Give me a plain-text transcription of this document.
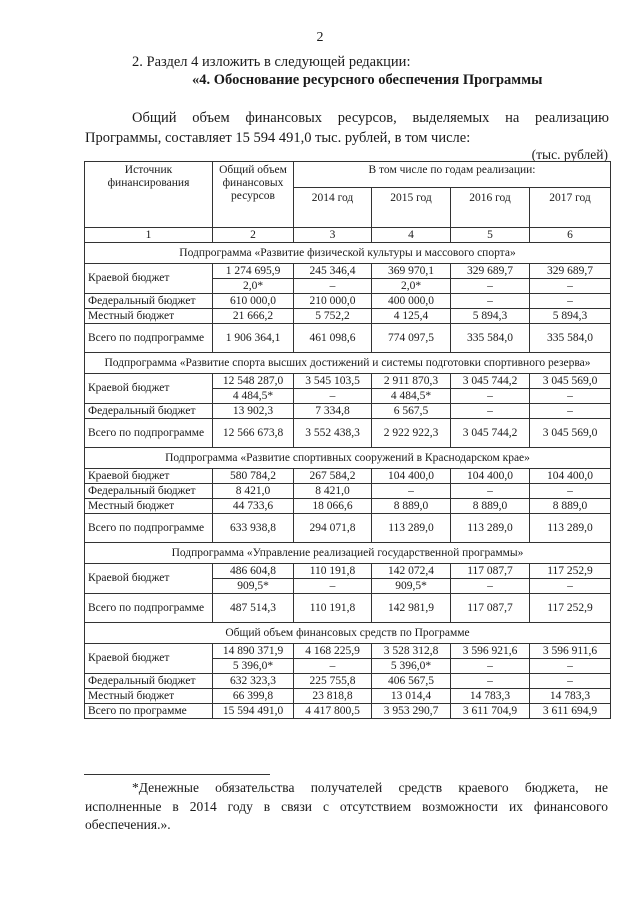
2
2. Раздел 4 изложить в следующей редакции:
«4. Обоснование ресурсного обеспечения Программы
Общий объем финансовых ресурсов, выделяемых на реализацию Программы, составляет 15 594 491,0 тыс. рублей, в том числе:
(тыс. рублей)
Источник финансирования	Общий объем финансовых ресурсов	В том числе по годам реализации:			
		2014 год	2015 год	2016 год	2017 год
1	2	3	4	5	6
Подпрограмма «Развитие физической культуры и массового спорта»					
Краевой бюджет	1 274 695,9	245 346,4	369 970,1	329 689,7	329 689,7
	2,0*	–	2,0*	–	–
Федеральный бюджет	610 000,0	210 000,0	400 000,0	–	–
Местный бюджет	21 666,2	5 752,2	4 125,4	5 894,3	5 894,3
Всего по подпрограмме	1 906 364,1	461 098,6	774 097,5	335 584,0	335 584,0
Подпрограмма «Развитие спорта высших достижений и системы подготовки спортивного резерва»					
Краевой бюджет	12 548 287,0	3 545 103,5	2 911 870,3	3 045 744,2	3 045 569,0
	4 484,5*	–	4 484,5*	–	–
Федеральный бюджет	13 902,3	7 334,8	6 567,5	–	–
Всего по подпрограмме	12 566 673,8	3 552 438,3	2 922 922,3	3 045 744,2	3 045 569,0
Подпрограмма «Развитие спортивных сооружений в Краснодарском крае»					
Краевой бюджет	580 784,2	267 584,2	104 400,0	104 400,0	104 400,0
Федеральный бюджет	8 421,0	8 421,0	–	–	–
Местный бюджет	44 733,6	18 066,6	8 889,0	8 889,0	8 889,0
Всего по подпрограмме	633 938,8	294 071,8	113 289,0	113 289,0	113 289,0
Подпрограмма «Управление реализацией государственной программы»					
Краевой бюджет	486 604,8	110 191,8	142 072,4	117 087,7	117 252,9
	909,5*	–	909,5*	–	–
Всего по подпрограмме	487 514,3	110 191,8	142 981,9	117 087,7	117 252,9
Общий объем финансовых средств по Программе					
Краевой бюджет	14 890 371,9	4 168 225,9	3 528 312,8	3 596 921,6	3 596 911,6
	5 396,0*	–	5 396,0*	–	–
Федеральный бюджет	632 323,3	225 755,8	406 567,5	–	–
Местный бюджет	66 399,8	23 818,8	13 014,4	14 783,3	14 783,3
Всего по программе	15 594 491,0	4 417 800,5	3 953 290,7	3 611 704,9	3 611 694,9
*Денежные обязательства получателей средств краевого бюджета, не исполненные в 2014 году в связи с отсутствием возможности их финансового обеспечения.».
